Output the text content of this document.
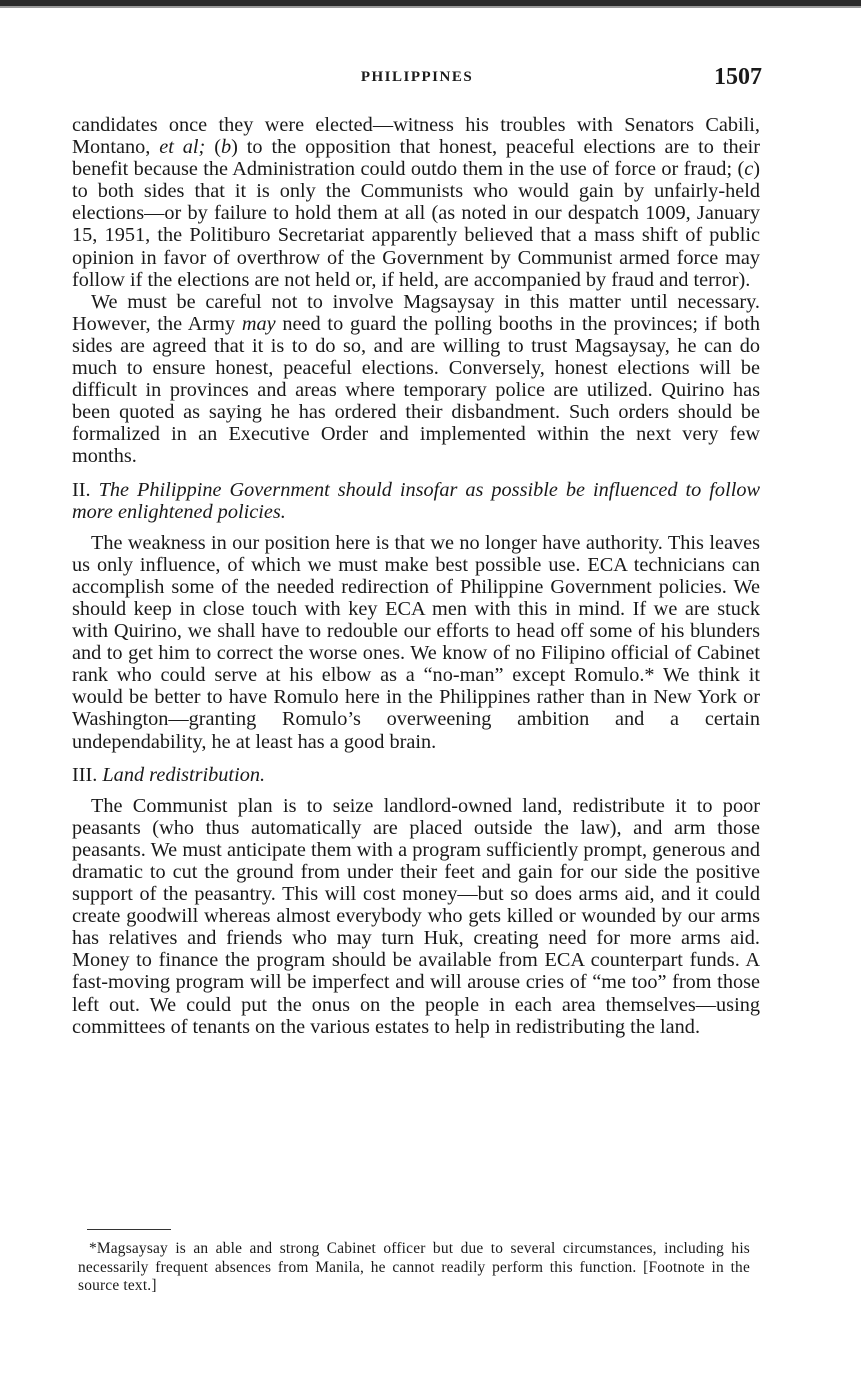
PHILIPPINES	1507

candidates once they were elected—witness his troubles with Senators Cabili, Montano, et al; (b) to the opposition that honest, peaceful elections are to their benefit because the Administration could outdo them in the use of force or fraud; (c) to both sides that it is only the Communists who would gain by unfairly-held elections—or by failure to hold them at all (as noted in our despatch 1009, January 15, 1951, the Politiburo Secretariat apparently believed that a mass shift of public opinion in favor of overthrow of the Government by Communist armed force may follow if the elections are not held or, if held, are accompanied by fraud and terror).

We must be careful not to involve Magsaysay in this matter until necessary. However, the Army may need to guard the polling booths in the provinces; if both sides are agreed that it is to do so, and are willing to trust Magsaysay, he can do much to ensure honest, peaceful elections. Conversely, honest elections will be difficult in provinces and areas where temporary police are utilized. Quirino has been quoted as saying he has ordered their disbandment. Such orders should be formalized in an Executive Order and implemented within the next very few months.

II. The Philippine Government should insofar as possible be influenced to follow more enlightened policies.

The weakness in our position here is that we no longer have authority. This leaves us only influence, of which we must make best possible use. ECA technicians can accomplish some of the needed redirection of Philippine Government policies. We should keep in close touch with key ECA men with this in mind. If we are stuck with Quirino, we shall have to redouble our efforts to head off some of his blunders and to get him to correct the worse ones. We know of no Filipino official of Cabinet rank who could serve at his elbow as a “no-man” except Romulo.* We think it would be better to have Romulo here in the Philippines rather than in New York or Washington—granting Romulo’s overweening ambition and a certain undependability, he at least has a good brain.

III. Land redistribution.

The Communist plan is to seize landlord-owned land, redistribute it to poor peasants (who thus automatically are placed outside the law), and arm those peasants. We must anticipate them with a program sufficiently prompt, generous and dramatic to cut the ground from under their feet and gain for our side the positive support of the peasantry. This will cost money—but so does arms aid, and it could create goodwill whereas almost everybody who gets killed or wounded by our arms has relatives and friends who may turn Huk, creating need for more arms aid. Money to finance the program should be available from ECA counterpart funds. A fast-moving program will be imperfect and will arouse cries of “me too” from those left out. We could put the onus on the people in each area themselves—using committees of tenants on the various estates to help in redistributing the land.

*Magsaysay is an able and strong Cabinet officer but due to several circumstances, including his necessarily frequent absences from Manila, he cannot readily perform this function. [Footnote in the source text.]
